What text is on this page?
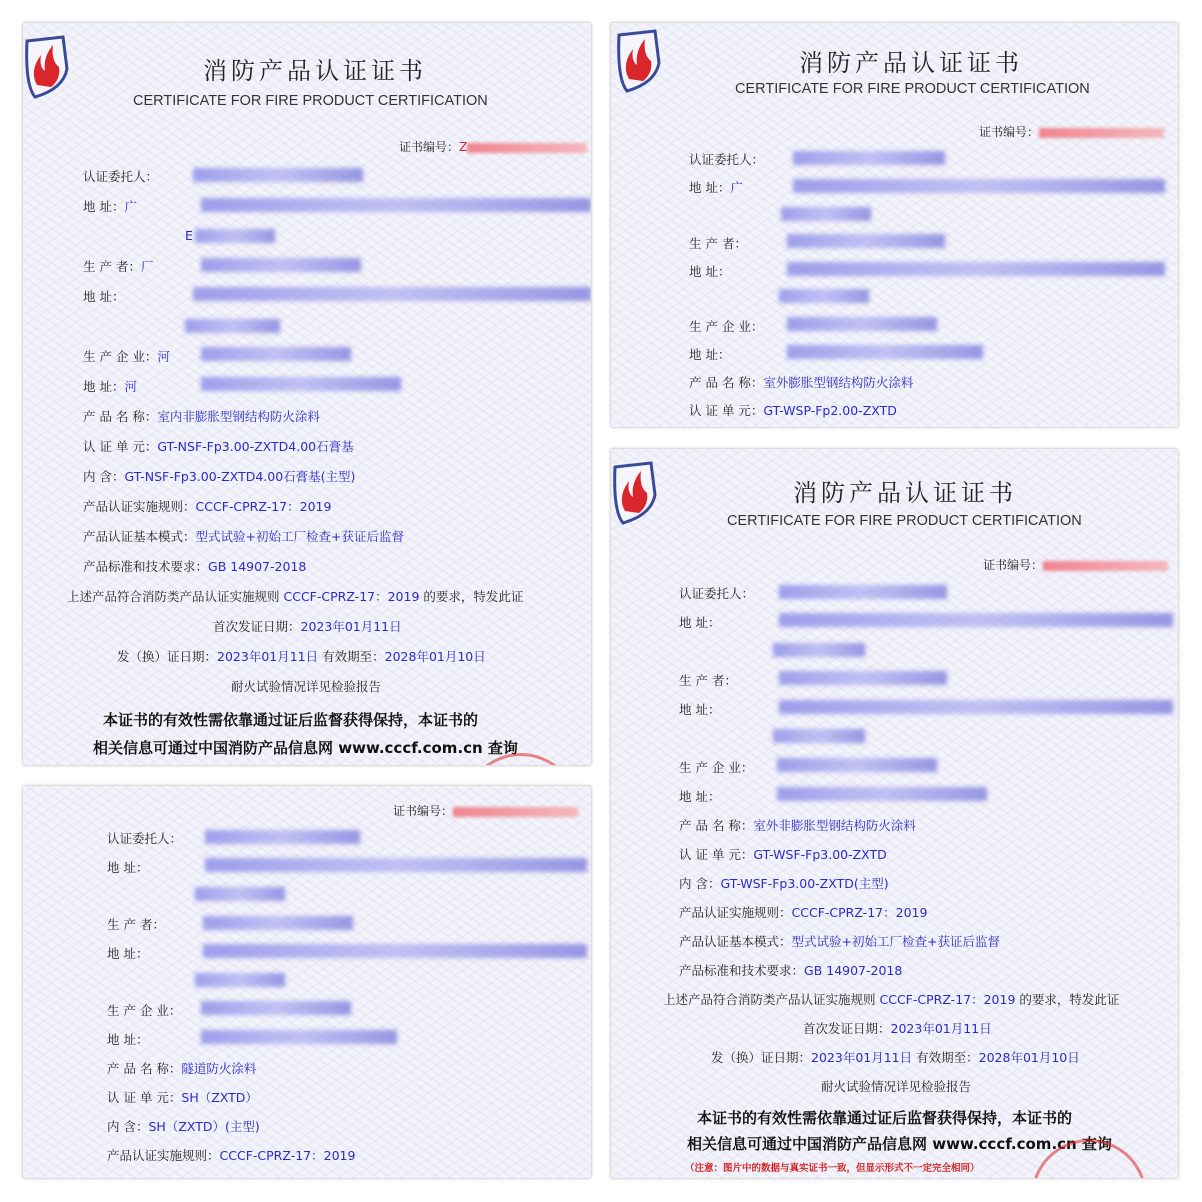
消防产品认证证书
CERTIFICATE FOR FIRE PRODUCT CERTIFICATION
证书编号：Z
认证委托人：
地 址：广
E
生 产 者：厂
地 址：
生 产 企 业：河
地 址：河
产 品 名 称：室内非膨胀型钢结构防火涂料
认 证 单 元：GT-NSF-Fp3.00-ZXTD4.00石膏基
内 含：GT-NSF-Fp3.00-ZXTD4.00石膏基(主型)
产品认证实施规则：CCCF-CPRZ-17：2019
产品认证基本模式：型式试验+初始工厂检查+获证后监督
产品标准和技术要求：GB 14907-2018
上述产品符合消防类产品认证实施规则 CCCF-CPRZ-17：2019 的要求，特发此证
首次发证日期：2023年01月11日
发（换）证日期：2023年01月11日 有效期至：2028年01月10日
耐火试验情况详见检验报告
本证书的有效性需依靠通过证后监督获得保持，本证书的
相关信息可通过中国消防产品信息网 www.cccf.com.cn 查询
消防产品认证证书
CERTIFICATE FOR FIRE PRODUCT CERTIFICATION
证书编号：
认证委托人：
地 址：广
生 产 者：
地 址：
生 产 企 业：
地 址：
产 品 名 称：室外膨胀型钢结构防火涂料
认 证 单 元：GT-WSP-Fp2.00-ZXTD
证书编号：
认证委托人：
地 址：
生 产 者：
地 址：
生 产 企 业：
地 址：
产 品 名 称：隧道防火涂料
认 证 单 元：SH（ZXTD）
内 含：SH（ZXTD）(主型)
产品认证实施规则：CCCF-CPRZ-17：2019
消防产品认证证书
CERTIFICATE FOR FIRE PRODUCT CERTIFICATION
证书编号：
认证委托人：
地 址：
生 产 者：
地 址：
生 产 企 业：
地 址：
产 品 名 称：室外非膨胀型钢结构防火涂料
认 证 单 元：GT-WSF-Fp3.00-ZXTD
内 含：GT-WSF-Fp3.00-ZXTD(主型)
产品认证实施规则：CCCF-CPRZ-17：2019
产品认证基本模式：型式试验+初始工厂检查+获证后监督
产品标准和技术要求：GB 14907-2018
上述产品符合消防类产品认证实施规则 CCCF-CPRZ-17：2019 的要求，特发此证
首次发证日期：2023年01月11日
发（换）证日期：2023年01月11日 有效期至：2028年01月10日
耐火试验情况详见检验报告
本证书的有效性需依靠通过证后监督获得保持，本证书的
相关信息可通过中国消防产品信息网 www.cccf.com.cn 查询
（注意：图片中的数据与真实证书一致，但显示形式不一定完全相同）
